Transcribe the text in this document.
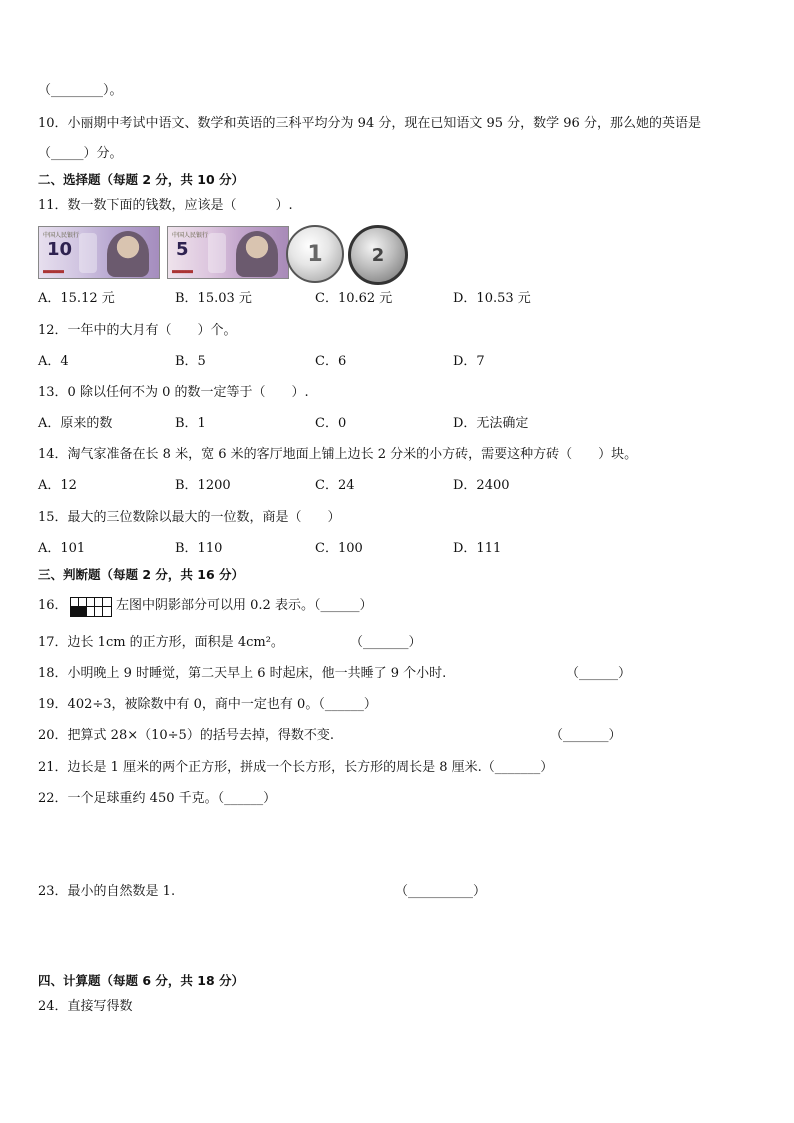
（________）。
10．小丽期中考试中语文、数学和英语的三科平均分为 94 分，现在已知语文 95 分，数学 96 分，那么她的英语是
（_____）分。
二、选择题（每题 2 分，共 10 分）
11．数一数下面的钱数，应该是（　　　）.
中国人民银行
10
■■■■■■■
中国人民银行
5
■■■■■■■
1	2
A．15.12 元	B．15.03 元	C．10.62 元	D．10.53 元
12．一年中的大月有（　　）个。
A．4	B．5	C．6	D．7
13．0 除以任何不为 0 的数一定等于（　　）.
A．原来的数	B．1	C．0	D．无法确定
14．淘气家准备在长 8 米，宽 6 米的客厅地面上铺上边长 2 分米的小方砖，需要这种方砖（　　）块。
A．12	B．1200	C．24	D．2400
15．最大的三位数除以最大的一位数，商是（　　）
A．101	B．110	C．100	D．111
三、判断题（每题 2 分，共 16 分）
16．	左图中阴影部分可以用 0.2 表示。（______）
17．边长 1cm 的正方形，面积是 4cm²。	（_______）
18．小明晚上 9 时睡觉，第二天早上 6 时起床，他一共睡了 9 个小时.	（______）
19．402÷3，被除数中有 0，商中一定也有 0。（______）
20．把算式 28×（10÷5）的括号去掉，得数不变.	（_______）
21．边长是 1 厘米的两个正方形，拼成一个长方形，长方形的周长是 8 厘米.（_______）
22．一个足球重约 450 千克。（______）
23．最小的自然数是 1.	（__________）
四、计算题（每题 6 分，共 18 分）
24．直接写得数
